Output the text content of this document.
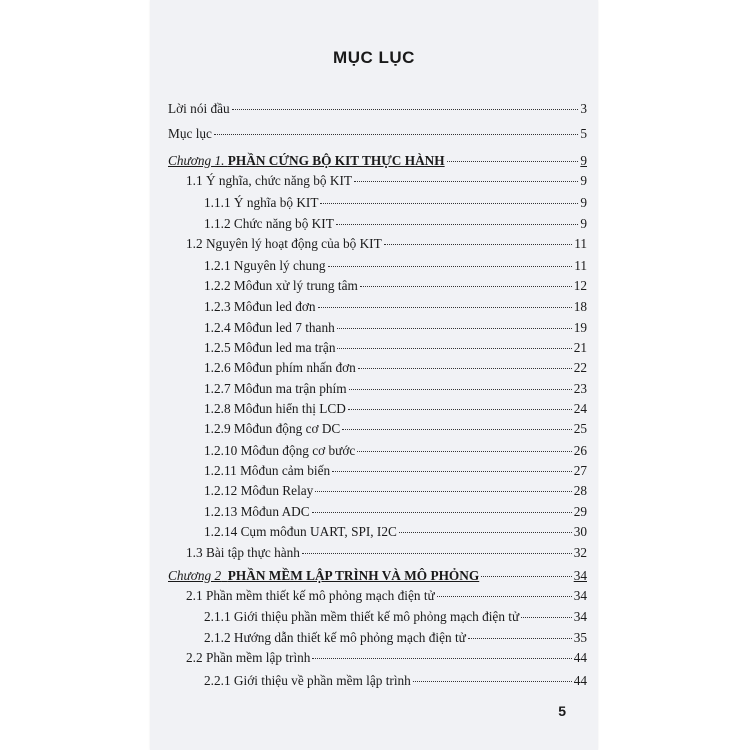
MỤC LỤC
Lời nói đầu	3
Mục lục	5
Chương 1. PHẦN CỨNG BỘ KIT THỰC HÀNH	9
1.1 Ý nghĩa, chức năng bộ KIT	9
1.1.1 Ý nghĩa bộ KIT	9
1.1.2 Chức năng bộ KIT	9
1.2 Nguyên lý hoạt động của bộ KIT	11
1.2.1 Nguyên lý chung	11
1.2.2 Môđun xử lý trung tâm	12
1.2.3 Môđun led đơn	18
1.2.4 Môđun led 7 thanh	19
1.2.5 Môđun led ma trận	21
1.2.6 Môđun phím nhấn đơn	22
1.2.7 Môđun ma trận phím	23
1.2.8 Môđun hiển thị LCD	24
1.2.9 Môđun động cơ DC	25
1.2.10 Môđun động cơ bước	26
1.2.11 Môđun cảm biến	27
1.2.12 Môđun Relay	28
1.2.13 Môđun ADC	29
1.2.14 Cụm môđun UART, SPI, I2C	30
1.3 Bài tập thực hành	32
Chương 2 PHẦN MỀM LẬP TRÌNH VÀ MÔ PHỎNG	34
2.1 Phần mềm thiết kế mô phỏng mạch điện tử	34
2.1.1 Giới thiệu phần mềm thiết kế mô phỏng mạch điện tử	34
2.1.2 Hướng dẫn thiết kế mô phỏng mạch điện tử	35
2.2 Phần mềm lập trình	44
2.2.1 Giới thiệu về phần mềm lập trình	44
5
